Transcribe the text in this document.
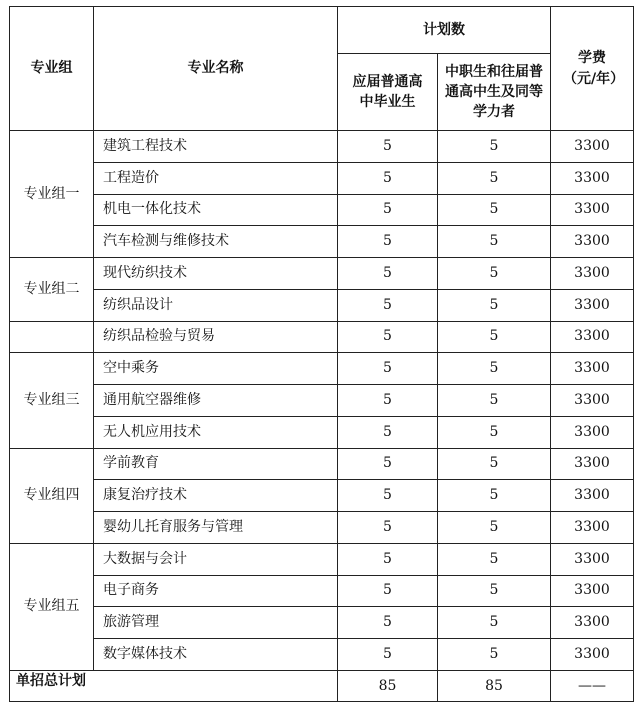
专业组	专业名称	计划数		学费（元/年）
		应届普通高中毕业生	中职生和往届普通高中生及同等学力者	
专业组一	建筑工程技术	5	5	3300
	工程造价	5	5	3300
	机电一体化技术	5	5	3300
	汽车检测与维修技术	5	5	3300
专业组二	现代纺织技术	5	5	3300
	纺织品设计	5	5	3300
	纺织品检验与贸易	5	5	3300
专业组三	空中乘务	5	5	3300
	通用航空器维修	5	5	3300
	无人机应用技术	5	5	3300
专业组四	学前教育	5	5	3300
	康复治疗技术	5	5	3300
	婴幼儿托育服务与管理	5	5	3300
专业组五	大数据与会计	5	5	3300
	电子商务	5	5	3300
	旅游管理	5	5	3300
	数字媒体技术	5	5	3300
单招总计划		85	85	——
